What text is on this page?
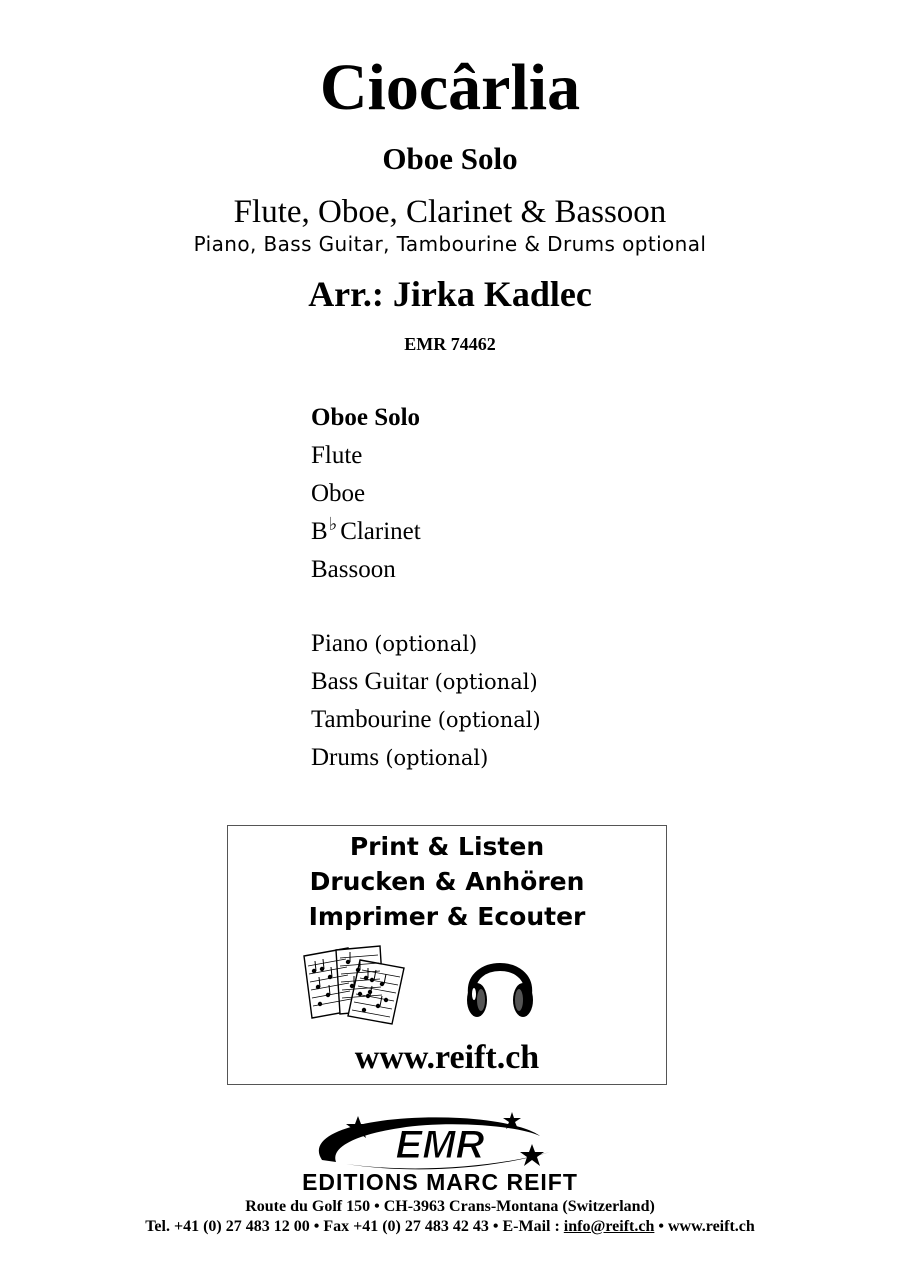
Ciocârlia
Oboe Solo
Flute, Oboe, Clarinet & Bassoon
Piano, Bass Guitar, Tambourine & Drums optional
Arr.: Jirka Kadlec
EMR 74462
Oboe Solo
Flute
Oboe
B♭ Clarinet
Bassoon
Piano (optional)
Bass Guitar (optional)
Tambourine (optional)
Drums (optional)
Print & Listen
Drucken & Anhören
Imprimer & Ecouter
www.reift.ch
EMR
EDITIONS MARC REIFT
Route du Golf 150 • CH-3963 Crans-Montana (Switzerland)
Tel. +41 (0) 27 483 12 00 • Fax +41 (0) 27 483 42 43 • E-Mail : info@reift.ch • www.reift.ch
